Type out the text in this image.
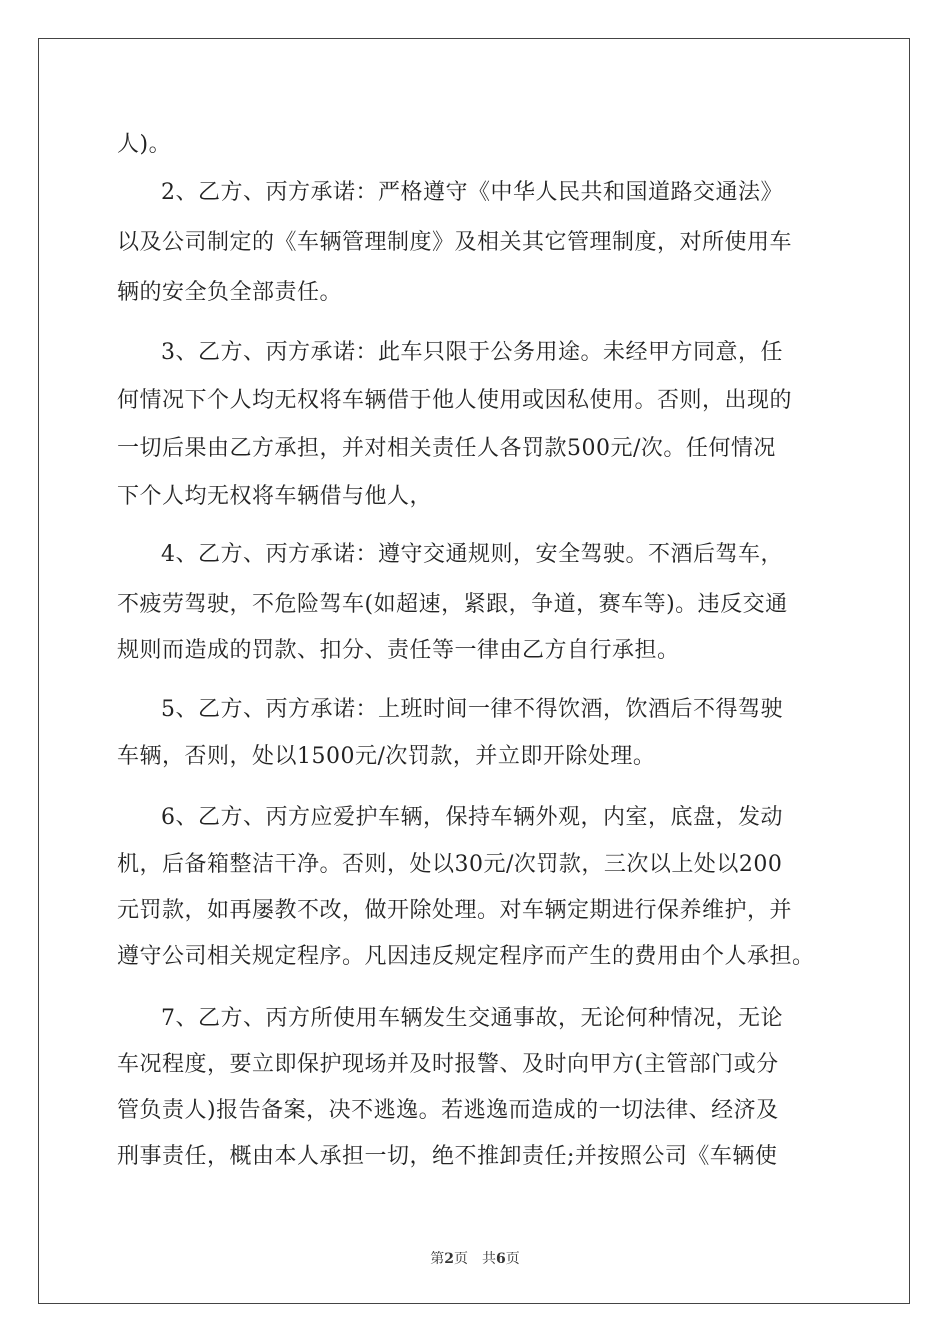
人)。
2、乙方、丙方承诺：严格遵守《中华人民共和国道路交通法》
以及公司制定的《车辆管理制度》及相关其它管理制度，对所使用车
辆的安全负全部责任。
3、乙方、丙方承诺：此车只限于公务用途。未经甲方同意，任
何情况下个人均无权将车辆借于他人使用或因私使用。否则，出现的
一切后果由乙方承担，并对相关责任人各罚款500元/次。任何情况
下个人均无权将车辆借与他人，
4、乙方、丙方承诺：遵守交通规则，安全驾驶。不酒后驾车，
不疲劳驾驶，不危险驾车(如超速，紧跟，争道，赛车等)。违反交通
规则而造成的罚款、扣分、责任等一律由乙方自行承担。
5、乙方、丙方承诺：上班时间一律不得饮酒，饮酒后不得驾驶
车辆，否则，处以1500元/次罚款，并立即开除处理。
6、乙方、丙方应爱护车辆，保持车辆外观，内室，底盘，发动
机，后备箱整洁干净。否则，处以30元/次罚款，三次以上处以200
元罚款，如再屡教不改，做开除处理。对车辆定期进行保养维护，并
遵守公司相关规定程序。凡因违反规定程序而产生的费用由个人承担。
7、乙方、丙方所使用车辆发生交通事故，无论何种情况，无论
车况程度，要立即保护现场并及时报警、及时向甲方(主管部门或分
管负责人)报告备案，决不逃逸。若逃逸而造成的一切法律、经济及
刑事责任，概由本人承担一切，绝不推卸责任;并按照公司《车辆使
第2页 共6页
